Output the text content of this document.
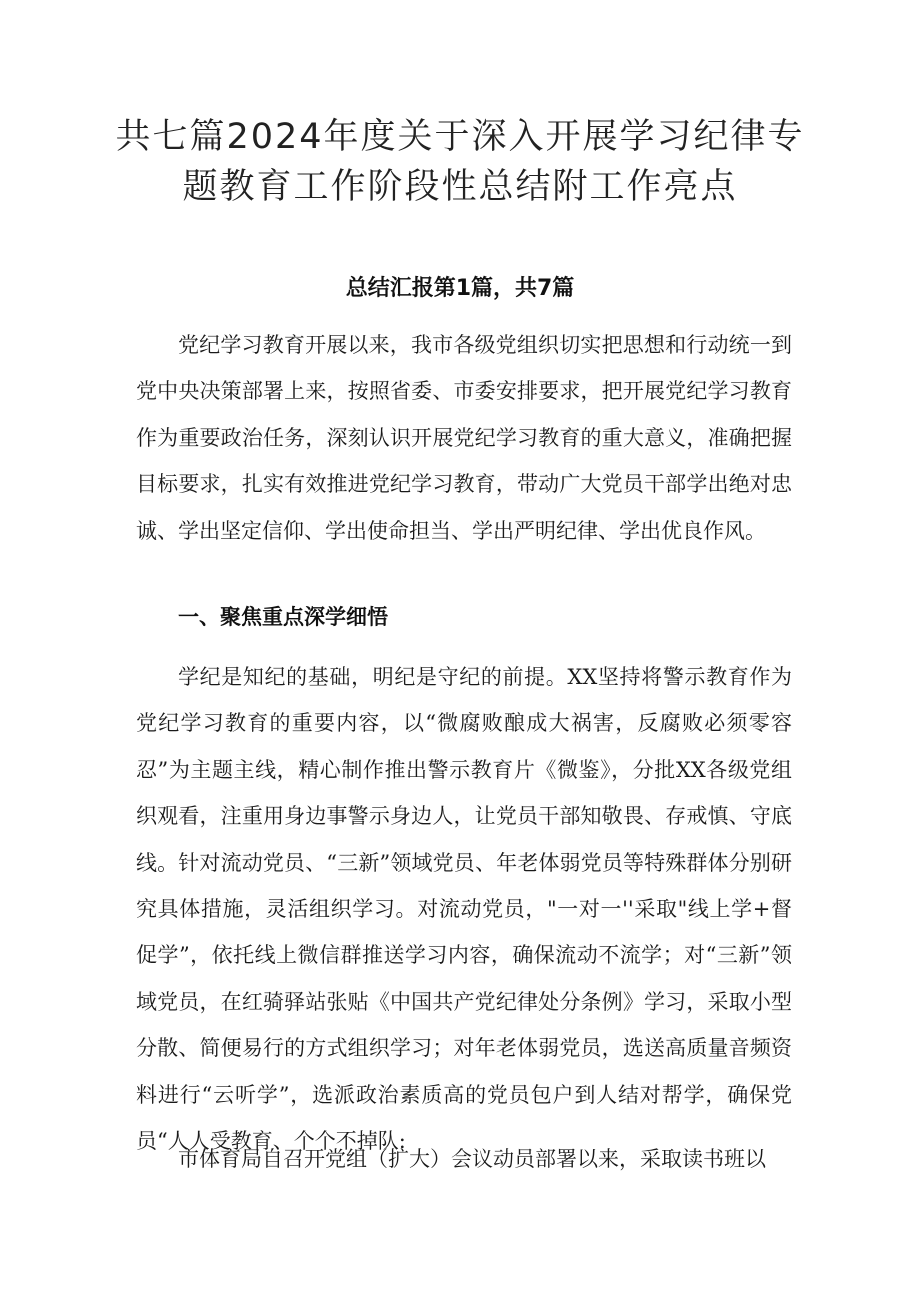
共七篇2024年度关于深入开展学习纪律专题教育工作阶段性总结附工作亮点
总结汇报第1篇，共7篇

党纪学习教育开展以来，我市各级党组织切实把思想和行动统一到党中央决策部署上来，按照省委、市委安排要求，把开展党纪学习教育作为重要政治任务，深刻认识开展党纪学习教育的重大意义，准确把握目标要求，扎实有效推进党纪学习教育，带动广大党员干部学出绝对忠诚、学出坚定信仰、学出使命担当、学出严明纪律、学出优良作风。

一、聚焦重点深学细悟

学纪是知纪的基础，明纪是守纪的前提。XX坚持将警示教育作为党纪学习教育的重要内容，以“微腐败酿成大祸害，反腐败必须零容忍”为主题主线，精心制作推出警示教育片《微鉴》，分批XX各级党组织观看，注重用身边事警示身边人，让党员干部知敬畏、存戒慎、守底线。针对流动党员、“三新”领域党员、年老体弱党员等特殊群体分别研究具体措施，灵活组织学习。对流动党员，"一对一''采取"线上学+督促学”，依托线上微信群推送学习内容，确保流动不流学；对“三新”领域党员，在红骑驿站张贴《中国共产党纪律处分条例》学习，采取小型分散、简便易行的方式组织学习；对年老体弱党员，选送高质量音频资料进行“云听学”，选派政治素质高的党员包户到人结对帮学，确保党员“人人受教育、个个不掉队:

市体育局自召开党组（扩大）会议动员部署以来，采取读书班以
